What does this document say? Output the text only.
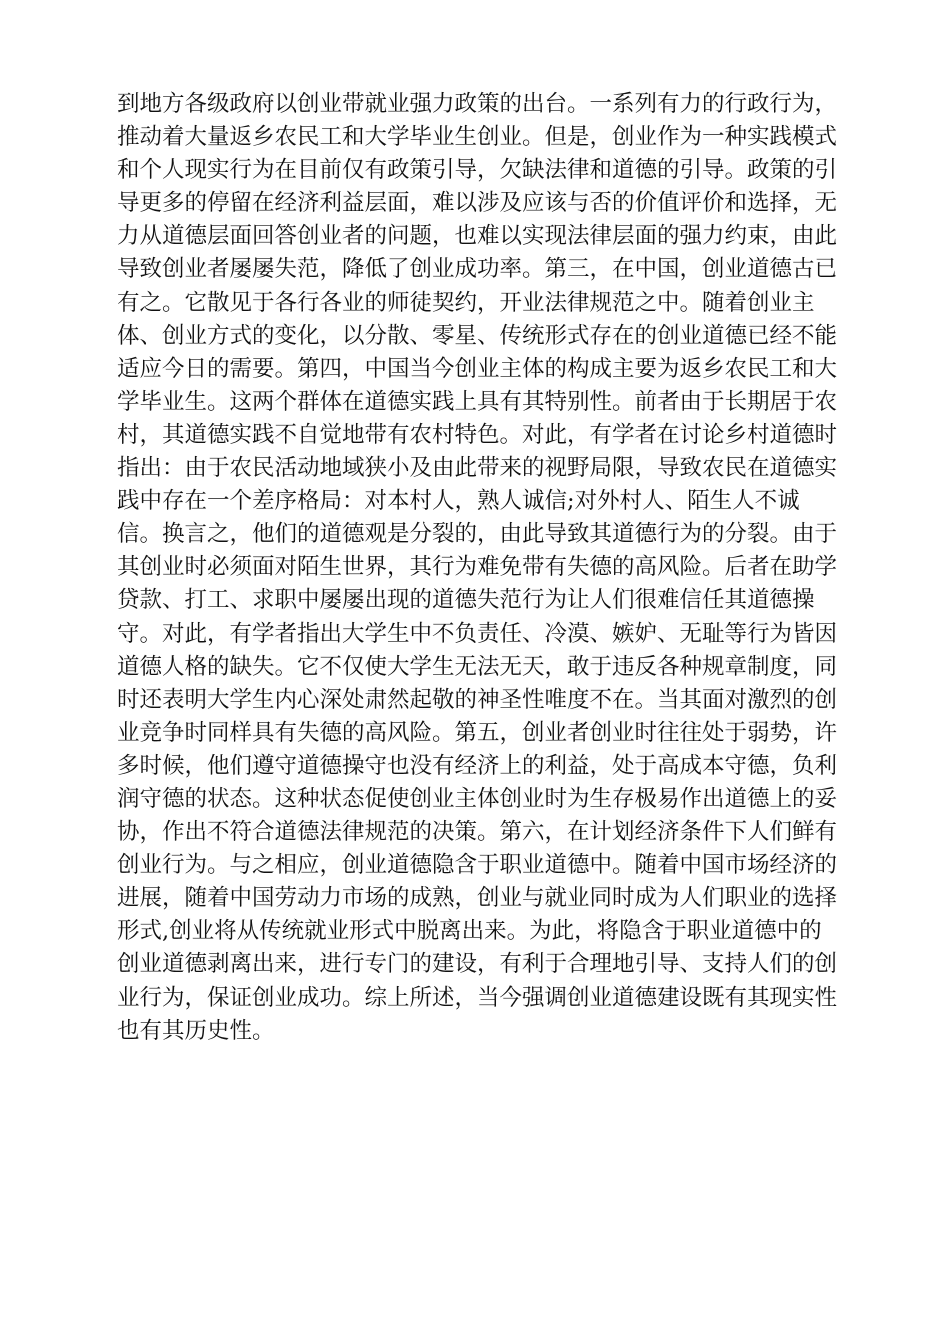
到地方各级政府以创业带就业强力政策的出台。一系列有力的行政行为，
推动着大量返乡农民工和大学毕业生创业。但是，创业作为一种实践模式
和个人现实行为在目前仅有政策引导，欠缺法律和道德的引导。政策的引
导更多的停留在经济利益层面，难以涉及应该与否的价值评价和选择，无
力从道德层面回答创业者的问题，也难以实现法律层面的强力约束，由此
导致创业者屡屡失范，降低了创业成功率。第三，在中国，创业道德古已
有之。它散见于各行各业的师徒契约，开业法律规范之中。随着创业主
体、创业方式的变化，以分散、零星、传统形式存在的创业道德已经不能
适应今日的需要。第四，中国当今创业主体的构成主要为返乡农民工和大
学毕业生。这两个群体在道德实践上具有其特别性。前者由于长期居于农
村，其道德实践不自觉地带有农村特色。对此，有学者在讨论乡村道德时
指出：由于农民活动地域狭小及由此带来的视野局限，导致农民在道德实
践中存在一个差序格局：对本村人，熟人诚信;对外村人、陌生人不诚
信。换言之，他们的道德观是分裂的，由此导致其道德行为的分裂。由于
其创业时必须面对陌生世界，其行为难免带有失德的高风险。后者在助学
贷款、打工、求职中屡屡出现的道德失范行为让人们很难信任其道德操
守。对此，有学者指出大学生中不负责任、冷漠、嫉妒、无耻等行为皆因
道德人格的缺失。它不仅使大学生无法无天，敢于违反各种规章制度，同
时还表明大学生内心深处肃然起敬的神圣性唯度不在。当其面对激烈的创
业竞争时同样具有失德的高风险。第五，创业者创业时往往处于弱势，许
多时候，他们遵守道德操守也没有经济上的利益，处于高成本守德，负利
润守德的状态。这种状态促使创业主体创业时为生存极易作出道德上的妥
协，作出不符合道德法律规范的决策。第六，在计划经济条件下人们鲜有
创业行为。与之相应，创业道德隐含于职业道德中。随着中国市场经济的
进展，随着中国劳动力市场的成熟，创业与就业同时成为人们职业的选择
形式,创业将从传统就业形式中脱离出来。为此，将隐含于职业道德中的
创业道德剥离出来，进行专门的建设，有利于合理地引导、支持人们的创
业行为，保证创业成功。综上所述，当今强调创业道德建设既有其现实性
也有其历史性。
